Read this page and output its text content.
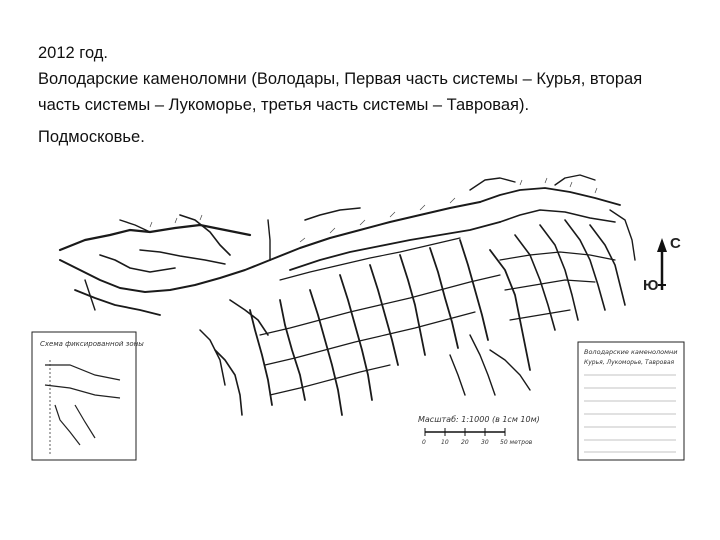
2012 год.
Володарские каменоломни (Володары, Первая часть системы – Курья, вторая
часть системы – Лукоморье, третья часть системы – Тавровая).
Подмосковье.
С
Ю
Схема фиксированной зоны
Володарские каменоломни
Курья, Лукоморье, Тавровая
Масштаб: 1:1000 (в 1см 10м)
0	10 20 30 50 метров
